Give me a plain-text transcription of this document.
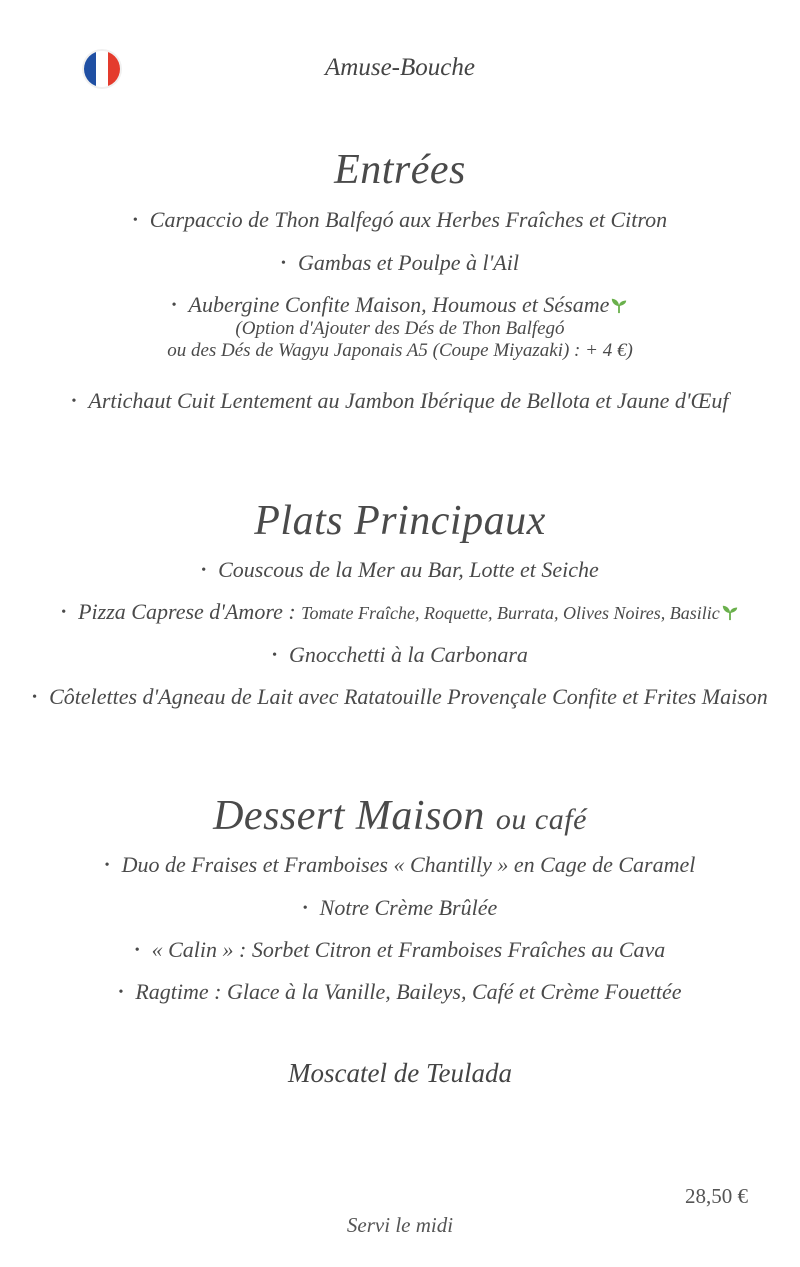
Amuse-Bouche
Entrées
• Carpaccio de Thon Balfegó aux Herbes Fraîches et Citron
• Gambas et Poulpe à l'Ail
• Aubergine Confite Maison, Houmous et Sésame
(Option d'Ajouter des Dés de Thon Balfegó
ou des Dés de Wagyu Japonais A5 (Coupe Miyazaki) : + 4 €)
• Artichaut Cuit Lentement au Jambon Ibérique de Bellota et Jaune d'Œuf
Plats Principaux
• Couscous de la Mer au Bar, Lotte et Seiche
• Pizza Caprese d'Amore : Tomate Fraîche, Roquette, Burrata, Olives Noires, Basilic
• Gnocchetti à la Carbonara
• Côtelettes d'Agneau de Lait avec Ratatouille Provençale Confite et Frites Maison
Dessert Maison ou café
• Duo de Fraises et Framboises « Chantilly » en Cage de Caramel
• Notre Crème Brûlée
• « Calin » : Sorbet Citron et Framboises Fraîches au Cava
• Ragtime : Glace à la Vanille, Baileys, Café et Crème Fouettée
Moscatel de Teulada
28,50 €
Servi le midi
